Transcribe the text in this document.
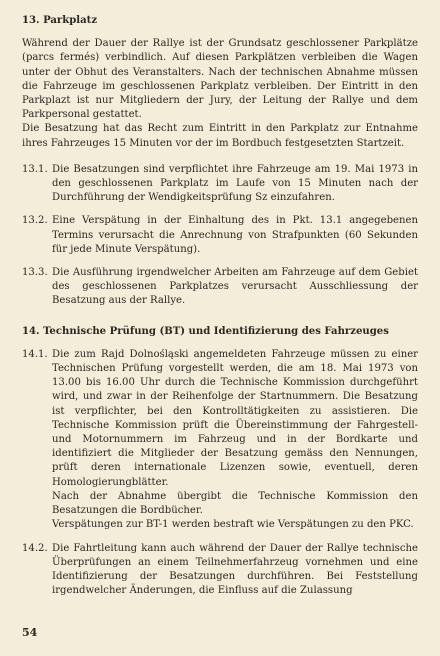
13. Parkplatz

Während der Dauer der Rallye ist der Grundsatz geschlossener Parkplätze (parcs fermés) verbindlich. Auf diesen Parkplätzen verbleiben die Wagen unter der Obhut des Veranstalters. Nach der technischen Abnahme müssen die Fahrzeuge im geschlossenen Parkplatz verbleiben. Der Eintritt in den Parkplazt ist nur Mitgliedern der Jury, der Leitung der Rallye und dem Parkpersonal gestattet.

Die Besatzung hat das Recht zum Eintritt in den Parkplatz zur Entnahme ihres Fahrzeuges 15 Minuten vor der im Bordbuch festgesetzten Startzeit.

13.1. Die Besatzungen sind verpflichtet ihre Fahrzeuge am 19. Mai 1973 in den geschlossenen Parkplatz im Laufe von 15 Minuten nach der Durchführung der Wendigkeitsprüfung Sz einzufahren.

13.2. Eine Verspätung in der Einhaltung des in Pkt. 13.1 angegebenen Termins verursacht die Anrechnung von Strafpunkten (60 Sekunden für jede Minute Verspätung).

13.3. Die Ausführung irgendwelcher Arbeiten am Fahrzeuge auf dem Gebiet des geschlossenen Parkplatzes verursacht Ausschliessung der Besatzung aus der Rallye.

14. Technische Prüfung (BT) und Identifizierung des Fahrzeuges
14.1. Die zum Rajd Dolnośląski angemeldeten Fahrzeuge müssen zu einer Technischen Prüfung vorgestellt werden, die am 18. Mai 1973 von 13.00 bis 16.00 Uhr durch die Technische Kommission durchgeführt wird, und zwar in der Reihenfolge der Startnummern. Die Besatzung ist verpflichter, bei den Kontrolltätigkeiten zu assistieren. Die Technische Kommission prüft die Übereinstimmung der Fahrgestell- und Motornummern im Fahrzeug und in der Bordkarte und identifiziert die Mitglieder der Besatzung gemäss den Nennungen, prüft deren internationale Lizenzen sowie, eventuell, deren Homologierungblätter.

Nach der Abnahme übergibt die Technische Kommission den Besatzungen die Bordbücher.

Verspätungen zur BT-1 werden bestraft wie Verspätungen zu den PKC.

14.2. Die Fahrtleitung kann auch während der Dauer der Rallye technische Überprüfungen an einem Teilnehmerfahrzeug vornehmen und eine Identifizierung der Besatzungen durchführen. Bei Feststellung irgendwelcher Änderungen, die Einfluss auf die Zulassung

54
